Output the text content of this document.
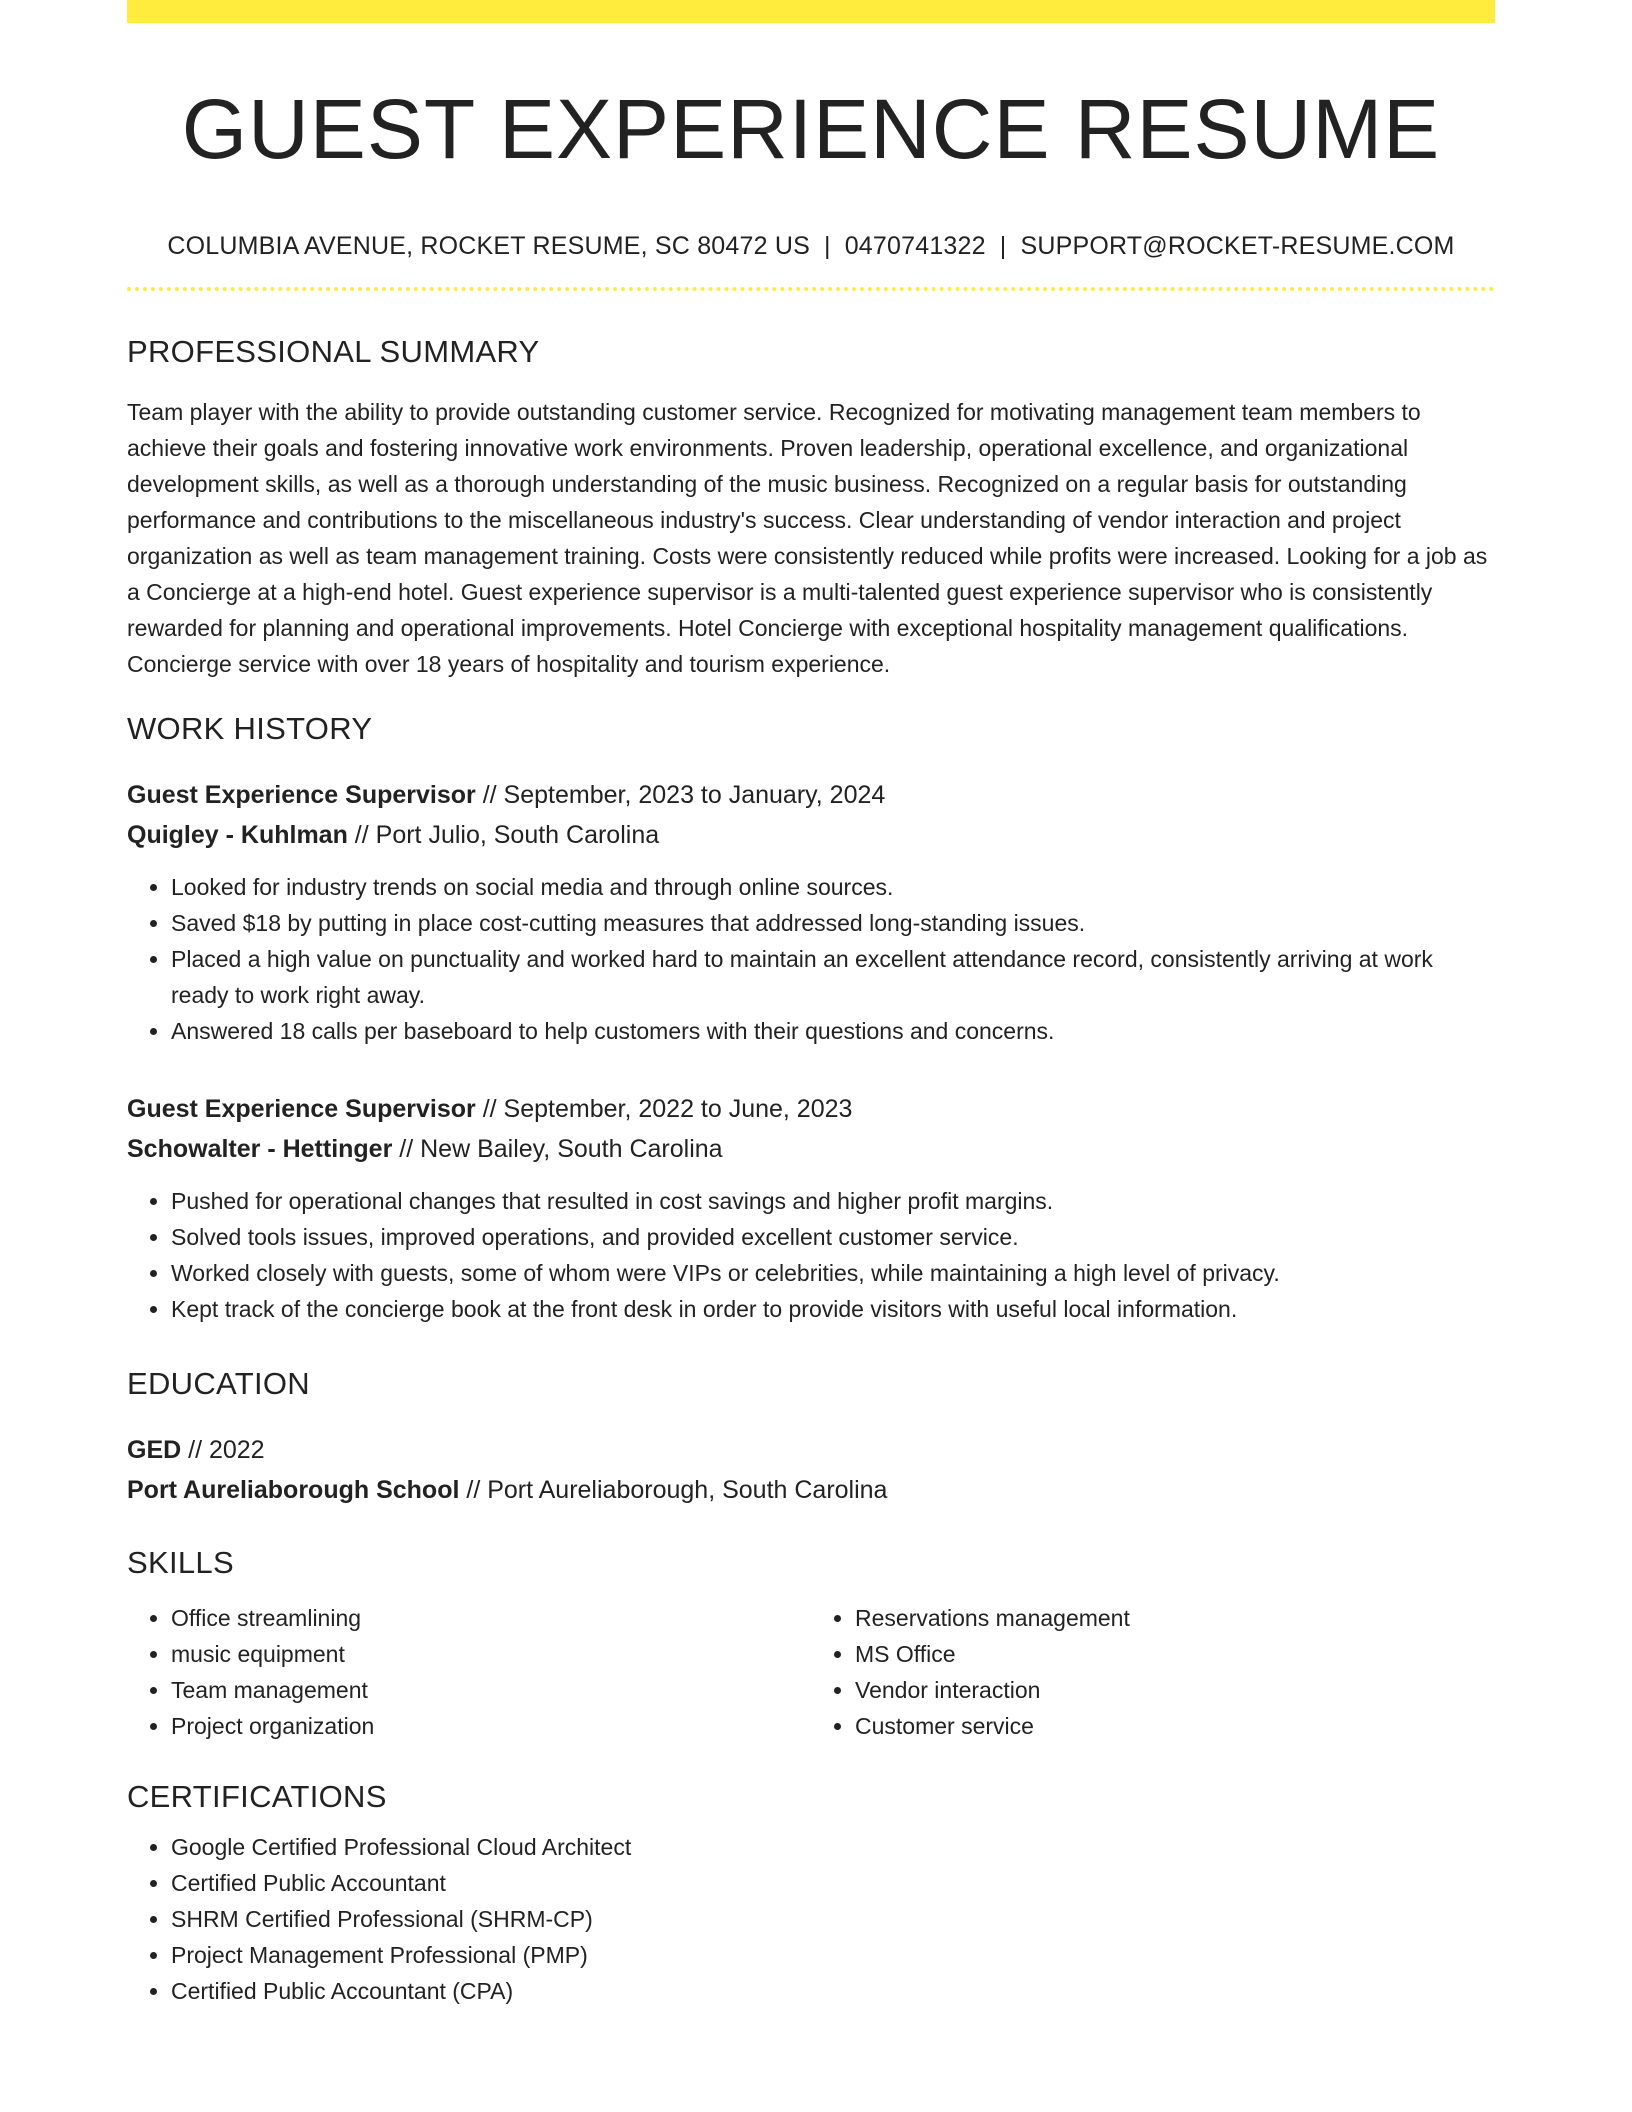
GUEST EXPERIENCE RESUME
COLUMBIA AVENUE, ROCKET RESUME, SC 80472 US | 0470741322 | SUPPORT@ROCKET-RESUME.COM
PROFESSIONAL SUMMARY

Team player with the ability to provide outstanding customer service. Recognized for motivating management team members to achieve their goals and fostering innovative work environments. Proven leadership, operational excellence, and organizational development skills, as well as a thorough understanding of the music business. Recognized on a regular basis for outstanding performance and contributions to the miscellaneous industry's success. Clear understanding of vendor interaction and project organization as well as team management training. Costs were consistently reduced while profits were increased. Looking for a job as a Concierge at a high-end hotel. Guest experience supervisor is a multi-talented guest experience supervisor who is consistently rewarded for planning and operational improvements. Hotel Concierge with exceptional hospitality management qualifications. Concierge service with over 18 years of hospitality and tourism experience.

WORK HISTORY
Guest Experience Supervisor // September, 2023 to January, 2024
Quigley - Kuhlman // Port Julio, South Carolina
• Looked for industry trends on social media and through online sources.
• Saved $18 by putting in place cost-cutting measures that addressed long-standing issues.
• Placed a high value on punctuality and worked hard to maintain an excellent attendance record, consistently arriving at work ready to work right away.
• Answered 18 calls per baseboard to help customers with their questions and concerns.
Guest Experience Supervisor // September, 2022 to June, 2023
Schowalter - Hettinger // New Bailey, South Carolina
• Pushed for operational changes that resulted in cost savings and higher profit margins.
• Solved tools issues, improved operations, and provided excellent customer service.
• Worked closely with guests, some of whom were VIPs or celebrities, while maintaining a high level of privacy.
• Kept track of the concierge book at the front desk in order to provide visitors with useful local information.
EDUCATION
GED // 2022
Port Aureliaborough School // Port Aureliaborough, South Carolina
SKILLS
• Office streamlining
• music equipment
• Team management
• Project organization
• Reservations management
• MS Office
• Vendor interaction
• Customer service
CERTIFICATIONS
• Google Certified Professional Cloud Architect
• Certified Public Accountant
• SHRM Certified Professional (SHRM-CP)
• Project Management Professional (PMP)
• Certified Public Accountant (CPA)
